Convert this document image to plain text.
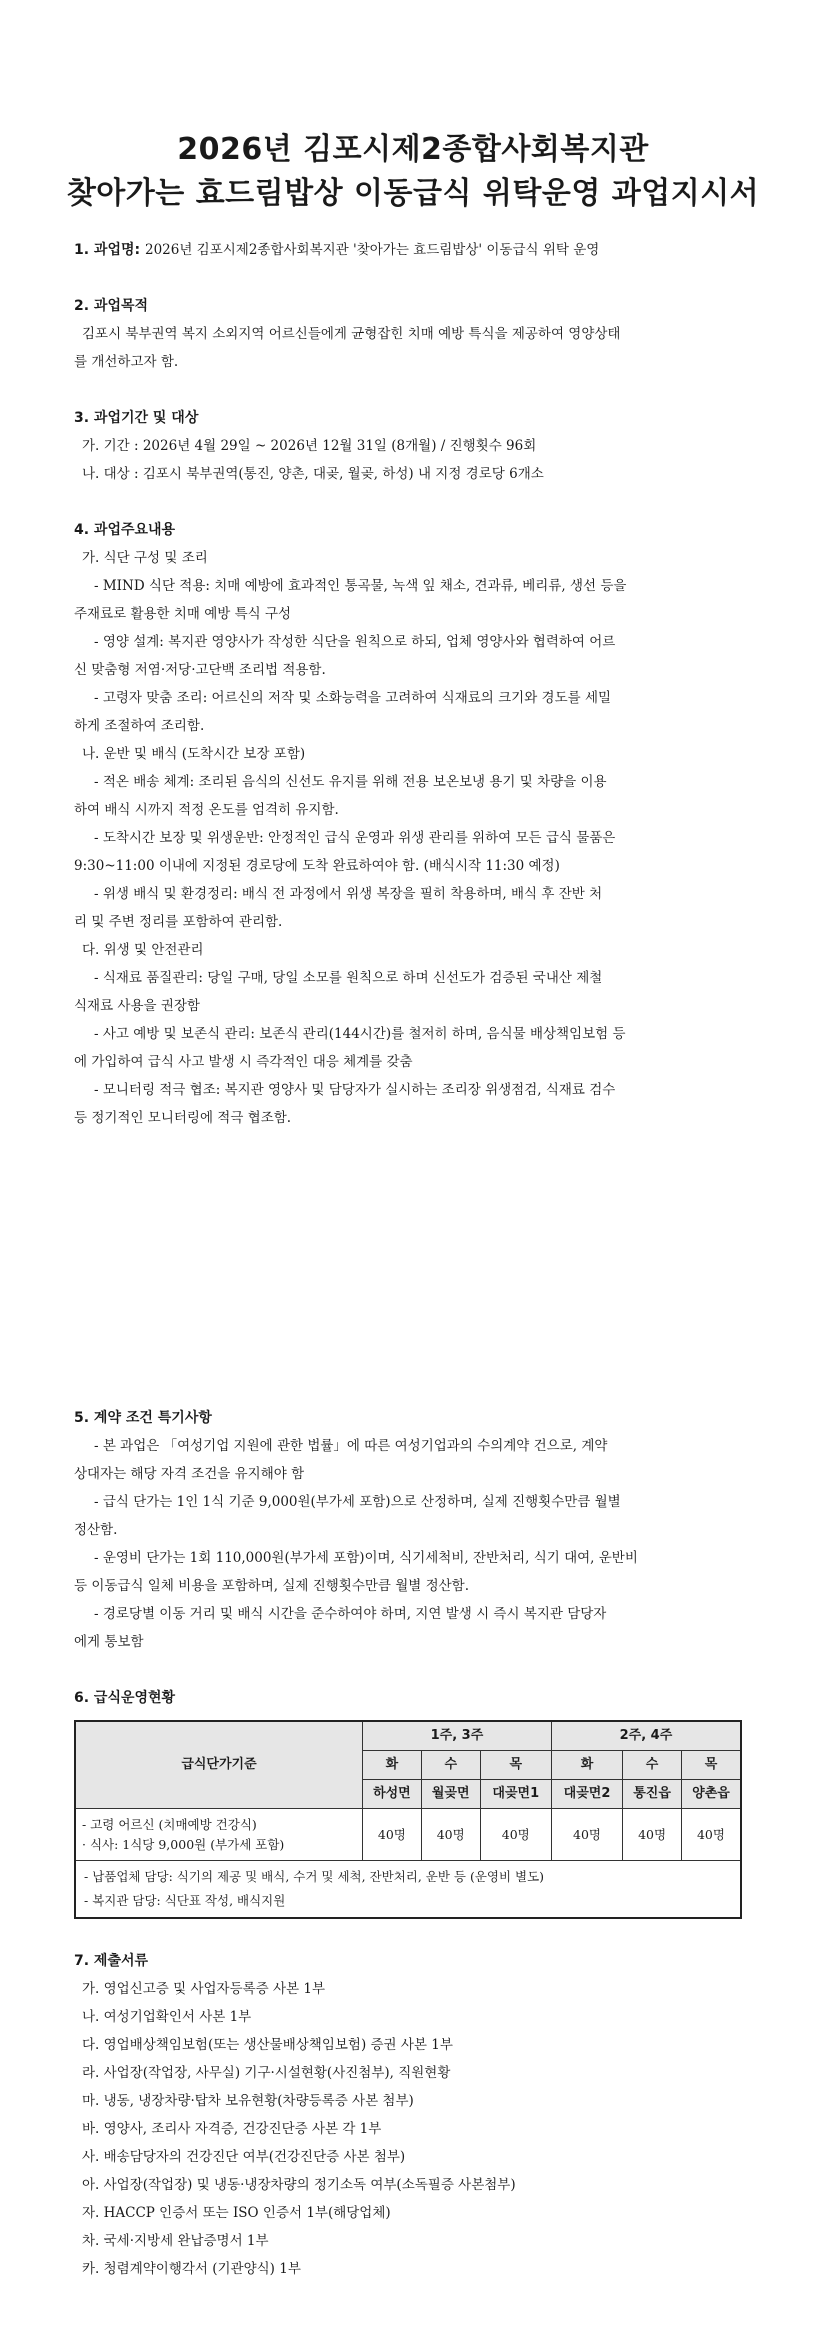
2026년 김포시제2종합사회복지관
찾아가는 효드림밥상 이동급식 위탁운영 과업지시서

1. 과업명: 2026년 김포시제2종합사회복지관 '찾아가는 효드림밥상' 이동급식 위탁 운영

2. 과업목적

김포시 북부권역 복지 소외지역 어르신들에게 균형잡힌 치매 예방 특식을 제공하여 영양상태

를 개선하고자 함.

3. 과업기간 및 대상

가. 기간 : 2026년 4월 29일 ~ 2026년 12월 31일 (8개월) / 진행횟수 96회

나. 대상 : 김포시 북부권역(통진, 양촌, 대곶, 월곶, 하성) 내 지정 경로당 6개소

4. 과업주요내용

가. 식단 구성 및 조리

- MIND 식단 적용: 치매 예방에 효과적인 통곡물, 녹색 잎 채소, 견과류, 베리류, 생선 등을

주재료로 활용한 치매 예방 특식 구성

- 영양 설계: 복지관 영양사가 작성한 식단을 원칙으로 하되, 업체 영양사와 협력하여 어르

신 맞춤형 저염·저당·고단백 조리법 적용함.

- 고령자 맞춤 조리: 어르신의 저작 및 소화능력을 고려하여 식재료의 크기와 경도를 세밀

하게 조절하여 조리함.

나. 운반 및 배식 (도착시간 보장 포함)

- 적온 배송 체계: 조리된 음식의 신선도 유지를 위해 전용 보온보냉 용기 및 차량을 이용

하여 배식 시까지 적정 온도를 엄격히 유지함.

- 도착시간 보장 및 위생운반: 안정적인 급식 운영과 위생 관리를 위하여 모든 급식 물품은

9:30~11:00 이내에 지정된 경로당에 도착 완료하여야 함. (배식시작 11:30 예정)

- 위생 배식 및 환경정리: 배식 전 과정에서 위생 복장을 필히 착용하며, 배식 후 잔반 처

리 및 주변 정리를 포함하여 관리함.

다. 위생 및 안전관리

- 식재료 품질관리: 당일 구매, 당일 소모를 원칙으로 하며 신선도가 검증된 국내산 제철

식재료 사용을 권장함

- 사고 예방 및 보존식 관리: 보존식 관리(144시간)를 철저히 하며, 음식물 배상책임보험 등

에 가입하여 급식 사고 발생 시 즉각적인 대응 체계를 갖춤

- 모니터링 적극 협조: 복지관 영양사 및 담당자가 실시하는 조리장 위생점검, 식재료 검수

등 정기적인 모니터링에 적극 협조함.

5. 계약 조건 특기사항

- 본 과업은 「여성기업 지원에 관한 법률」에 따른 여성기업과의 수의계약 건으로, 계약

상대자는 해당 자격 조건을 유지해야 함

- 급식 단가는 1인 1식 기준 9,000원(부가세 포함)으로 산정하며, 실제 진행횟수만큼 월별

정산함.

- 운영비 단가는 1회 110,000원(부가세 포함)이며, 식기세척비, 잔반처리, 식기 대여, 운반비

등 이동급식 일체 비용을 포함하며, 실제 진행횟수만큼 월별 정산함.

- 경로당별 이동 거리 및 배식 시간을 준수하여야 하며, 지연 발생 시 즉시 복지관 담당자

에게 통보함

6. 급식운영현황

급식단가기준	1주, 3주			2주, 4주		
	화	수	목	화	수	목
	하성면	월곶면	대곶면1	대곶면2	통진읍	양촌읍

- 고령 어르신 (치매예방 건강식)
· 식사: 1식당 9,000원 (부가세 포함)	40명	40명	40명	40명	40명	40명

- 납품업체 담당: 식기의 제공 및 배식, 수거 및 세척, 잔반처리, 운반 등 (운영비 별도)
- 복지관 담당: 식단표 작성, 배식지원						

7. 제출서류

가. 영업신고증 및 사업자등록증 사본 1부

나. 여성기업확인서 사본 1부

다. 영업배상책임보험(또는 생산물배상책임보험) 증권 사본 1부

라. 사업장(작업장, 사무실) 기구·시설현황(사진첨부), 직원현황

마. 냉동, 냉장차량·탑차 보유현황(차량등록증 사본 첨부)

바. 영양사, 조리사 자격증, 건강진단증 사본 각 1부

사. 배송담당자의 건강진단 여부(건강진단증 사본 첨부)

아. 사업장(작업장) 및 냉동·냉장차량의 정기소독 여부(소독필증 사본첨부)

자. HACCP 인증서 또는 ISO 인증서 1부(해당업체)

차. 국세·지방세 완납증명서 1부

카. 청렴계약이행각서 (기관양식) 1부
